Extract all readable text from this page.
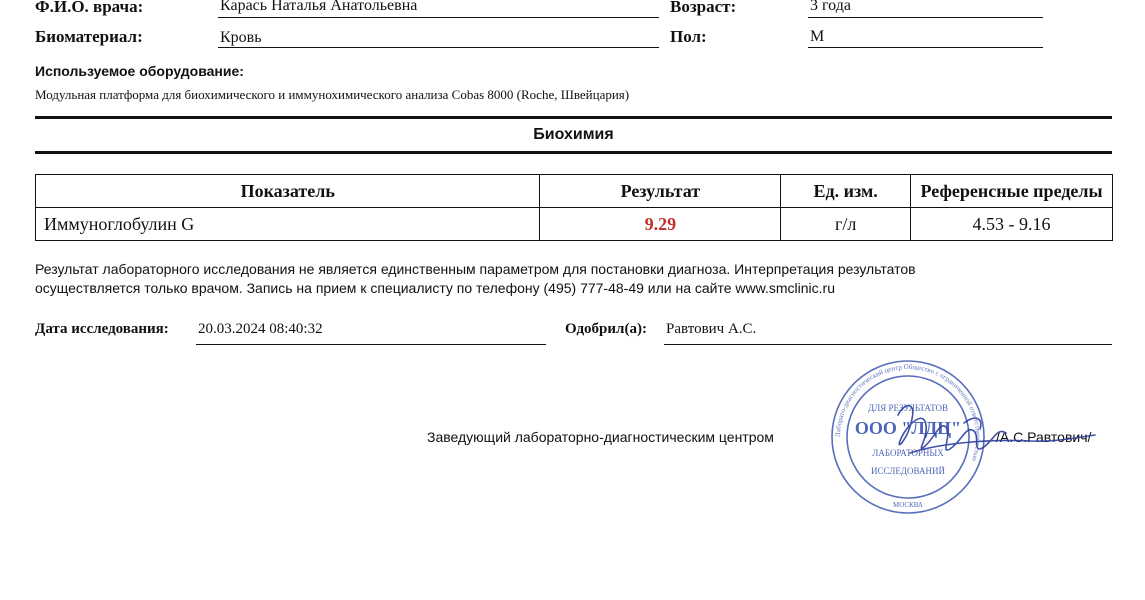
Ф.И.О. врача:	Карась Наталья Анатольевна	Возраст:	3 года
Биоматериал:	Кровь	Пол:	М
Используемое оборудование:
Модульная платформа для биохимического и иммунохимического анализа Cobas 8000 (Roche, Швейцария)
Биохимия
Показатель	Результат	Ед. изм.	Референсные пределы
Иммуноглобулин G	9.29	г/л	4.53 - 9.16
Результат лабораторного исследования не является единственным параметром для постановки диагноза. Интерпретация результатов
осуществляется только врачом. Запись на прием к специалисту по телефону (495) 777-48-49 или на сайте www.smclinic.ru
Дата исследования: 20.03.2024 08:40:32	Одобрил(а): Равтович А.С.
Заведующий лабораторно-диагностическим центром	/А.С.Равтович/
Лаборато-диагностический центр Общество с ограниченной ответственностью
ДЛЯ РЕЗУЛЬТАТОВ
ООО "ЛДЦ"
ЛАБОРАТОРНЫХ
ИССЛЕДОВАНИЙ
МОСКВА
